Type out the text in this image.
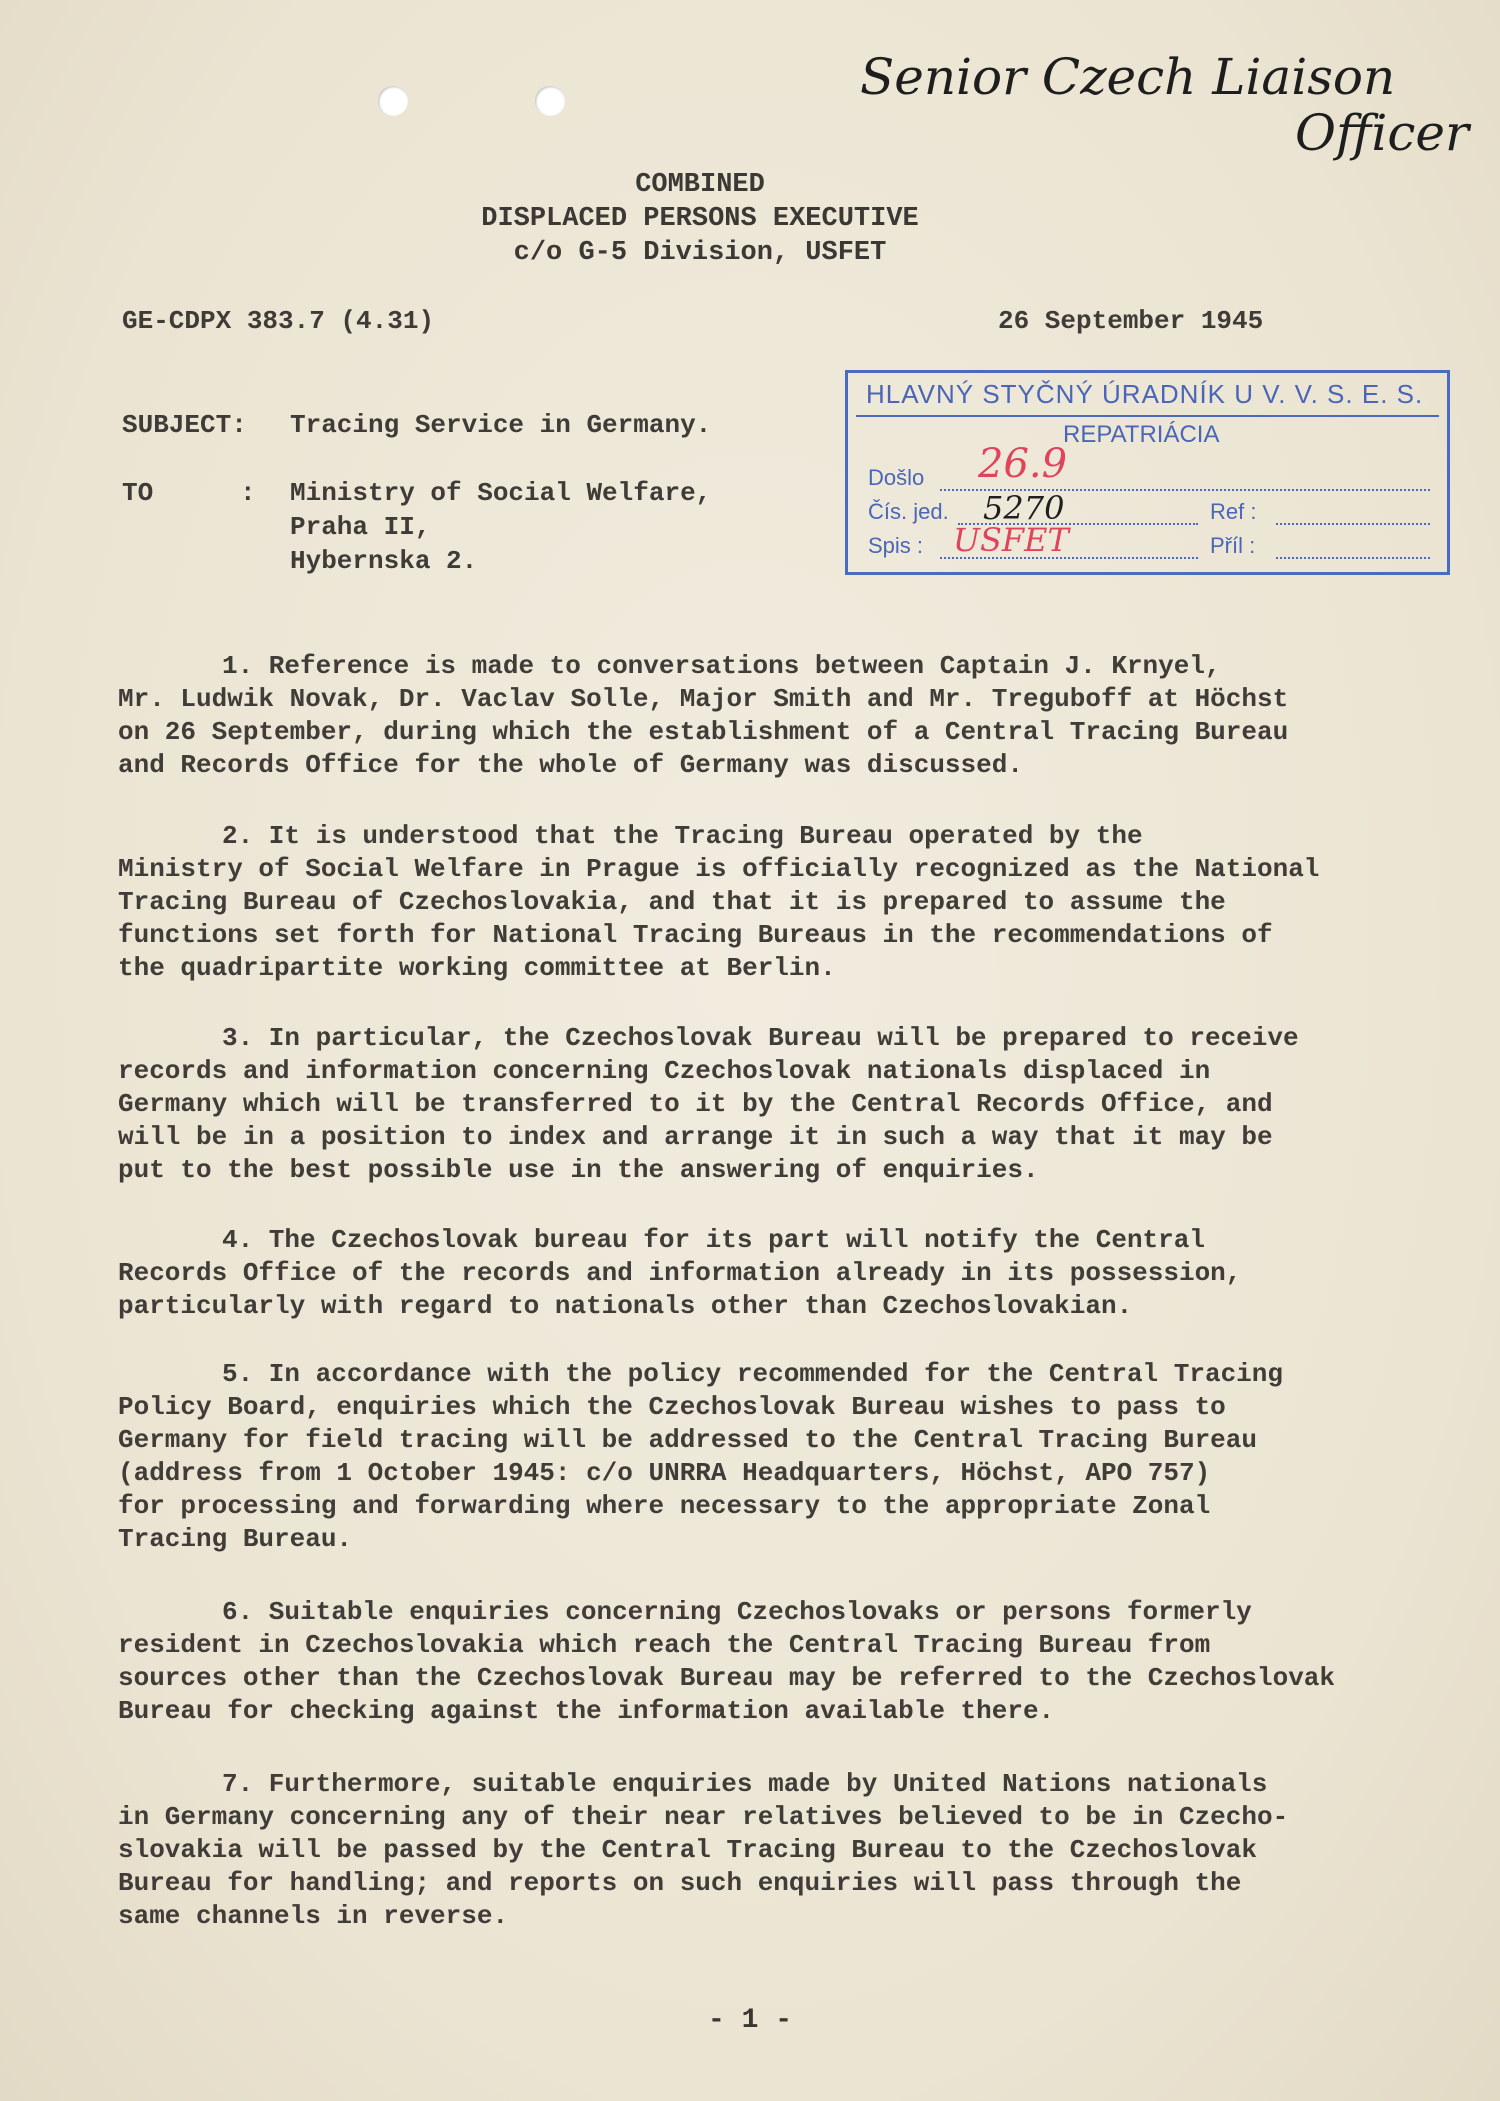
Senior Czech Liaison
Officer
COMBINED
DISPLACED PERSONS EXECUTIVE
c/o G-5 Division, USFET
GE-CDPX 383.7 (4.31)	26 September 1945
SUBJECT: Tracing Service in Germany.
TO	: Ministry of Social Welfare,
Praha II,
Hybernska 2.
HLAVNÝ STYČNÝ ÚRADNÍK U V. V. S. E. S.
REPATRIÁCIA
Došlo 26.9
Čís. jed. 5270	Ref :
Spis : USFET	Příl :
1. Reference is made to conversations between Captain J. Krnyel,
Mr. Ludwik Novak, Dr. Vaclav Solle, Major Smith and Mr. Treguboff at Höchst
on 26 September, during which the establishment of a Central Tracing Bureau
and Records Office for the whole of Germany was discussed.
2. It is understood that the Tracing Bureau operated by the
Ministry of Social Welfare in Prague is officially recognized as the National
Tracing Bureau of Czechoslovakia, and that it is prepared to assume the
functions set forth for National Tracing Bureaus in the recommendations of
the quadripartite working committee at Berlin.
3. In particular, the Czechoslovak Bureau will be prepared to receive
records and information concerning Czechoslovak nationals displaced in
Germany which will be transferred to it by the Central Records Office, and
will be in a position to index and arrange it in such a way that it may be
put to the best possible use in the answering of enquiries.
4. The Czechoslovak bureau for its part will notify the Central
Records Office of the records and information already in its possession,
particularly with regard to nationals other than Czechoslovakian.
5. In accordance with the policy recommended for the Central Tracing
Policy Board, enquiries which the Czechoslovak Bureau wishes to pass to
Germany for field tracing will be addressed to the Central Tracing Bureau
(address from 1 October 1945: c/o UNRRA Headquarters, Höchst, APO 757)
for processing and forwarding where necessary to the appropriate Zonal
Tracing Bureau.
6. Suitable enquiries concerning Czechoslovaks or persons formerly
resident in Czechoslovakia which reach the Central Tracing Bureau from
sources other than the Czechoslovak Bureau may be referred to the Czechoslovak
Bureau for checking against the information available there.
7. Furthermore, suitable enquiries made by United Nations nationals
in Germany concerning any of their near relatives believed to be in Czecho-
slovakia will be passed by the Central Tracing Bureau to the Czechoslovak
Bureau for handling; and reports on such enquiries will pass through the
same channels in reverse.
- 1 -
